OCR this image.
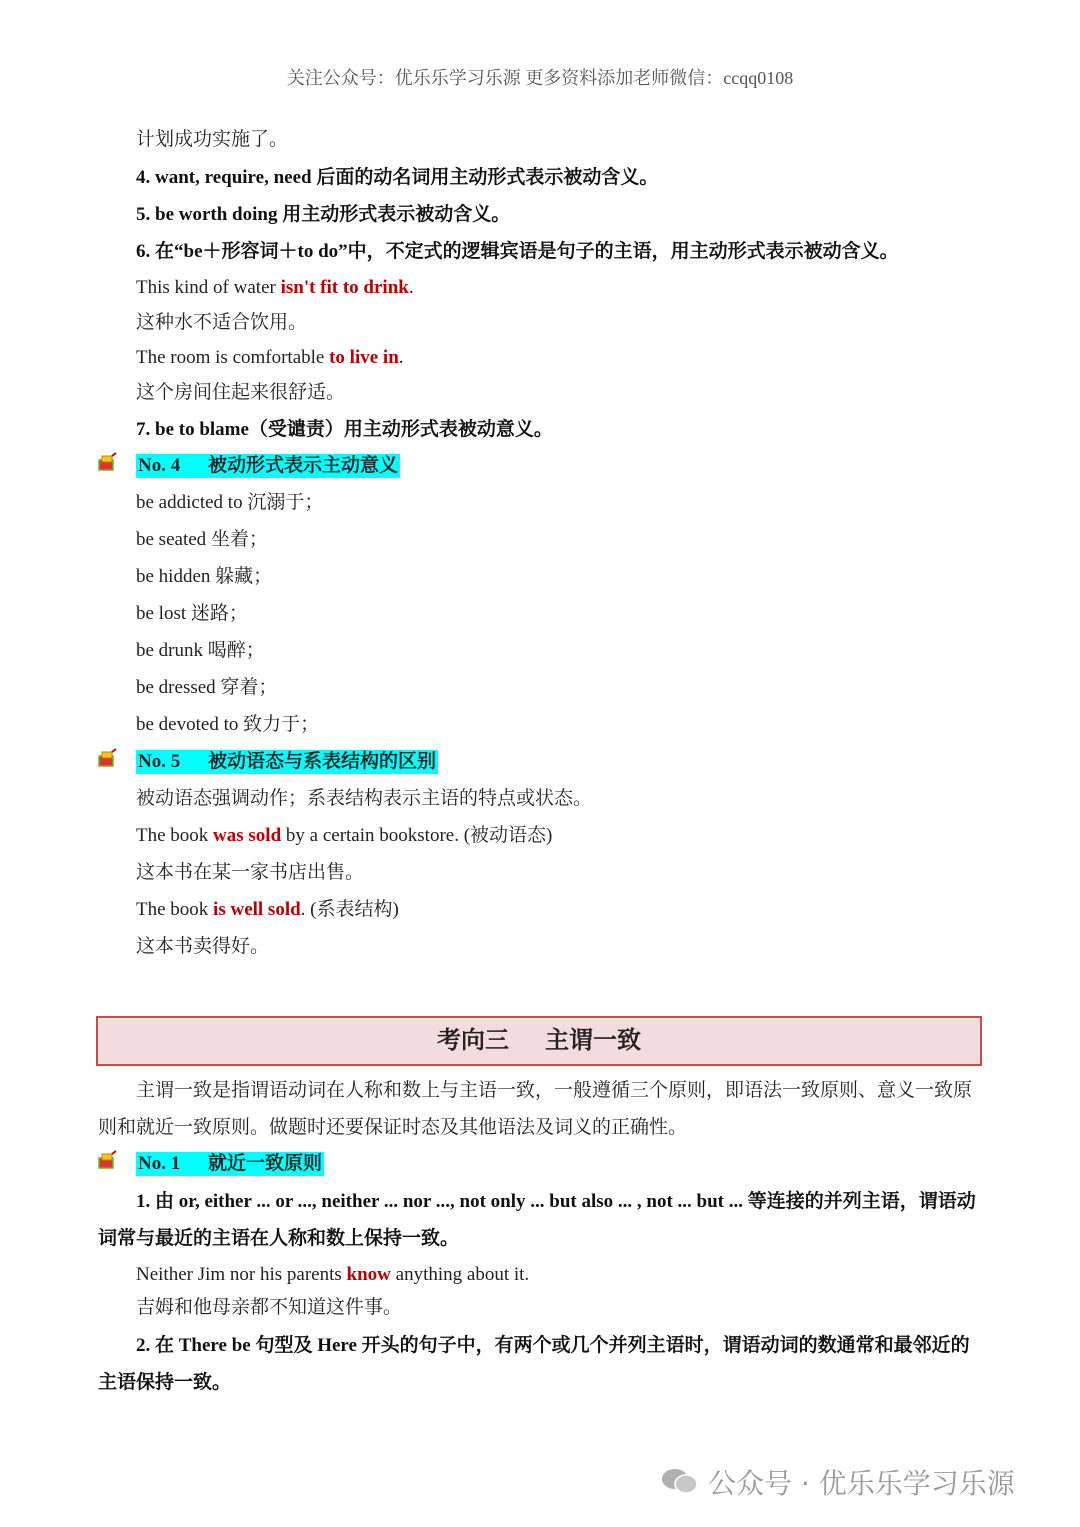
关注公众号：优乐乐学习乐源 更多资料添加老师微信：ccqq0108
计划成功实施了。
4. want, require, need 后面的动名词用主动形式表示被动含义。
5. be worth doing 用主动形式表示被动含义。
6. 在“be＋形容词＋to do”中，不定式的逻辑宾语是句子的主语，用主动形式表示被动含义。
This kind of water isn't fit to drink.
这种水不适合饮用。
The room is comfortable to live in.
这个房间住起来很舒适。
7. be to blame（受谴责）用主动形式表被动意义。
No. 4 被动形式表示主动意义
be addicted to 沉溺于；
be seated 坐着；
be hidden 躲藏；
be lost 迷路；
be drunk 喝醉；
be dressed 穿着；
be devoted to 致力于；
No. 5 被动语态与系表结构的区别
被动语态强调动作；系表结构表示主语的特点或状态。
The book was sold by a certain bookstore. (被动语态)
这本书在某一家书店出售。
The book is well sold. (系表结构)
这本书卖得好。
考向三 主谓一致
主谓一致是指谓语动词在人称和数上与主语一致，一般遵循三个原则，即语法一致原则、意义一致原则和就近一致原则。做题时还要保证时态及其他语法及词义的正确性。
No. 1 就近一致原则
1. 由 or, either ... or ..., neither ... nor ..., not only ... but also ... , not ... but ... 等连接的并列主语，谓语动词常与最近的主语在人称和数上保持一致。
Neither Jim nor his parents know anything about it.
吉姆和他母亲都不知道这件事。
2. 在 There be 句型及 Here 开头的句子中，有两个或几个并列主语时，谓语动词的数通常和最邻近的主语保持一致。
公众号 · 优乐乐学习乐源
